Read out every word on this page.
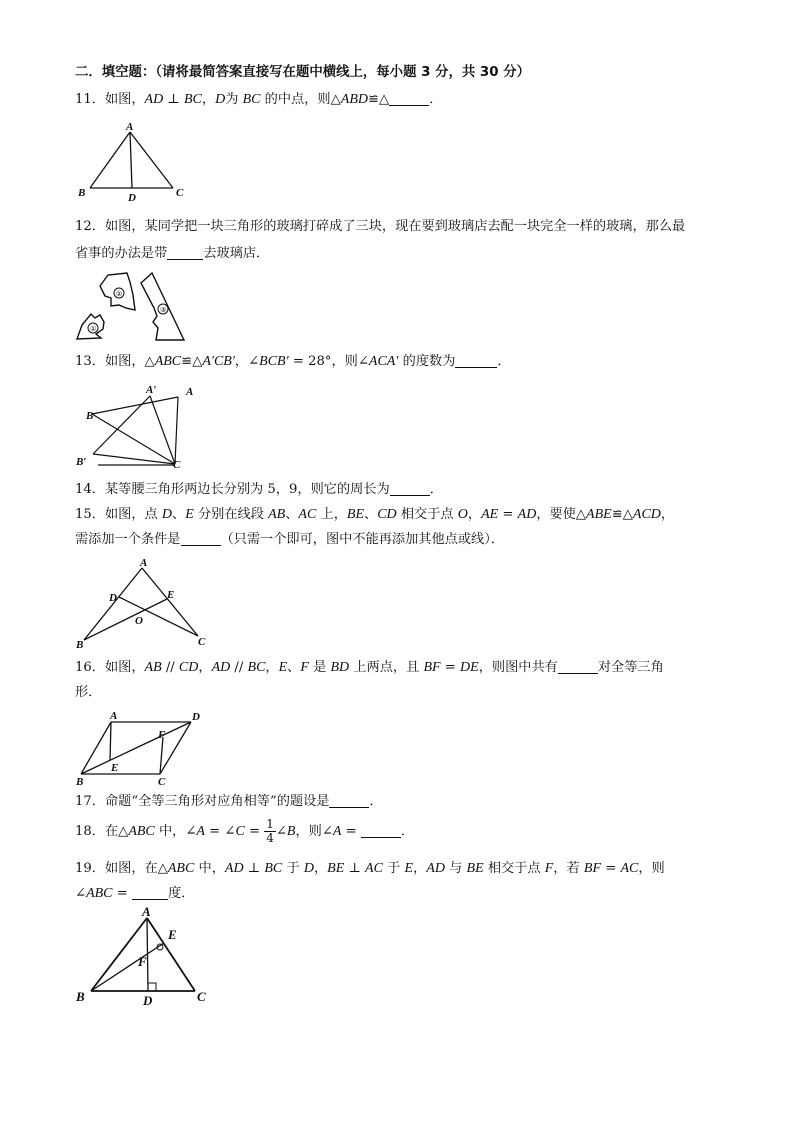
二．填空题：（请将最简答案直接写在题中横线上，每小题 3 分，共 30 分）
11．如图，AD ⊥ BC，D为 BC 的中点，则△ABD≌△	．
A
B	C
D
12．如图，某同学把一块三角形的玻璃打碎成了三块，现在要到玻璃店去配一块完全一样的玻璃，那么最
省事的办法是带	去玻璃店．
①
②
③
13．如图，△ABC≌△A′CB′，∠BCB′ = 28°，则∠ACA′ 的度数为	．
A′	A
B
B′	C
14．某等腰三角形两边长分别为 5，9，则它的周长为	．
15．如图，点 D、E 分别在线段 AB、AC 上，BE、CD 相交于点 O，AE = AD，要使△ABE≌△ACD，
需添加一个条件是	（只需一个即可，图中不能再添加其他点或线）．
A
B	C
D	E
O
16．如图，AB // CD，AD // BC，E、F 是 BD 上两点，且 BF = DE，则图中共有	对全等三角
形．
A	D
B	C
E
F
17．命题“全等三角形对应角相等”的题设是	．
18．在△ABC 中，∠A = ∠C = $\frac{1}{4}$ ∠B，则∠A =	．
19．如图，在△ABC 中，AD ⊥ BC 于 D，BE ⊥ AC 于 E，AD 与 BE 相交于点 F，若 BF = AC，则
∠ABC =	度．
A
B	C
D
E
F
